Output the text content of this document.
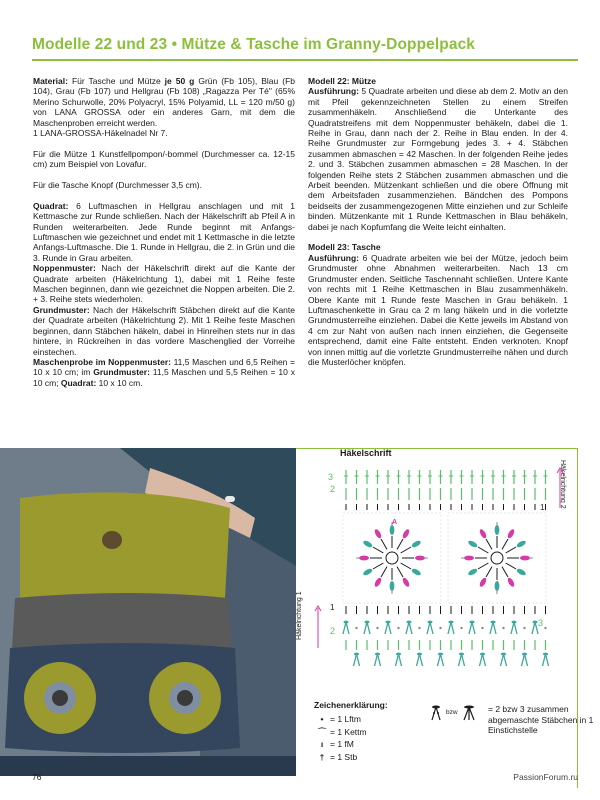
Modelle 22 und 23 • Mütze & Tasche im Granny-Doppelpack

Material: Für Tasche und Mütze je 50 g Grün (Fb 105), Blau (Fb 104), Grau (Fb 107) und Hellgrau (Fb 108) „Ragazza Per Té" (65% Merino Schurwolle, 20% Polyacryl, 15% Polyamid, LL = 120 m/50 g) von LANA GROSSA oder ein anderes Garn, mit dem die Maschenproben erreicht werden.

1 LANA-GROSSA-Häkelnadel Nr 7.

Für die Mütze 1 Kunstfellpompon/-bommel (Durchmesser ca. 12-15 cm) zum Beispiel von Lovafur.

Für die Tasche Knopf (Durchmesser 3,5 cm).

Quadrat: 6 Luftmaschen in Hellgrau anschlagen und mit 1 Kettmasche zur Runde schließen. Nach der Häkelschrift ab Pfeil A in Runden weiterarbeiten. Jede Runde beginnt mit Anfangs-Luftmaschen wie gezeichnet und endet mit 1 Kettmasche in die letzte Anfangs-Luftmasche. Die 1. Runde in Hellgrau, die 2. in Grün und die 3. Runde in Grau arbeiten.

Noppenmuster: Nach der Häkelschrift direkt auf die Kante der Quadrate arbeiten (Häkelrichtung 1), dabei mit 1 Reihe feste Maschen beginnen, dann wie gezeichnet die Noppen arbeiten. Die 2. + 3. Reihe stets wiederholen.

Grundmuster: Nach der Häkelschrift Stäbchen direkt auf die Kante der Quadrate arbeiten (Häkelrichtung 2). Mit 1 Reihe feste Maschen beginnen, dann Stäbchen häkeln, dabei in Hinreihen stets nur in das hintere, in Rückreihen in das vordere Maschenglied der Vorreihe einstechen.

Maschenprobe im Noppenmuster: 11,5 Maschen und 6,5 Reihen = 10 x 10 cm; im Grundmuster: 11,5 Maschen und 5,5 Reihen = 10 x 10 cm; Quadrat: 10 x 10 cm.

Modell 22: Mütze

Ausführung: 5 Quadrate arbeiten und diese ab dem 2. Motiv an den mit Pfeil gekennzeichneten Stellen zu einem Streifen zusammenhäkeln. Anschließend die Unterkante des Quadratstreifens mit dem Noppenmuster behäkeln, dabei die 1. Reihe in Grau, dann nach der 2. Reihe in Blau enden. In der 4. Reihe Grundmuster zur Formgebung jedes 3. + 4. Stäbchen zusammen abmaschen = 42 Maschen. In der folgenden Reihe jedes 2. und 3. Stäbchen zusammen abmaschen = 28 Maschen. In der folgenden Reihe stets 2 Stäbchen zusammen abmaschen und die Arbeit beenden. Mützenkant schließen und die obere Öffnung mit dem Arbeitsfaden zusammenziehen. Bändchen des Pompons beidseits der zusammengezogenen Mitte einziehen und zur Schleife binden. Mützenkante mit 1 Runde Kettmaschen in Blau behäkeln, dabei je nach Kopfumfang die Weite leicht einhalten.

Modell 23: Tasche

Ausführung: 6 Quadrate arbeiten wie bei der Mütze, jedoch beim Grundmuster ohne Abnahmen weiterarbeiten. Nach 13 cm Grundmuster enden. Seitliche Taschennaht schließen. Untere Kante von rechts mit 1 Reihe Kettmaschen in Blau zusammenhäkeln. Obere Kante mit 1 Runde feste Maschen in Grau behäkeln. 1 Luftmaschenkette in Grau ca 2 m lang häkeln und in die vorletzte Grundmusterreihe einziehen. Dabei die Kette jeweils im Abstand von 4 cm zur Naht von außen nach innen einziehen, die Gegenseite entsprechend, damit eine Falte entsteht. Enden verknoten. Knopf von innen mittig auf die vorletzte Grundmusterreihe nähen und durch die Musterlöcher knöpfen.

Häkelschrift
Häkelrichtung 1
Häkelrichtung 2
3
2
1
A
1
2
3
Zeichenerklärung:
• = 1 Lftm
⌒ = 1 Kettm
ı = 1 fM
† = 1 Stb
bzw	= 2 bzw 3 zusammen abgemaschte Stäbchen in 1 Einstichstelle
76	PassionForum.ru
